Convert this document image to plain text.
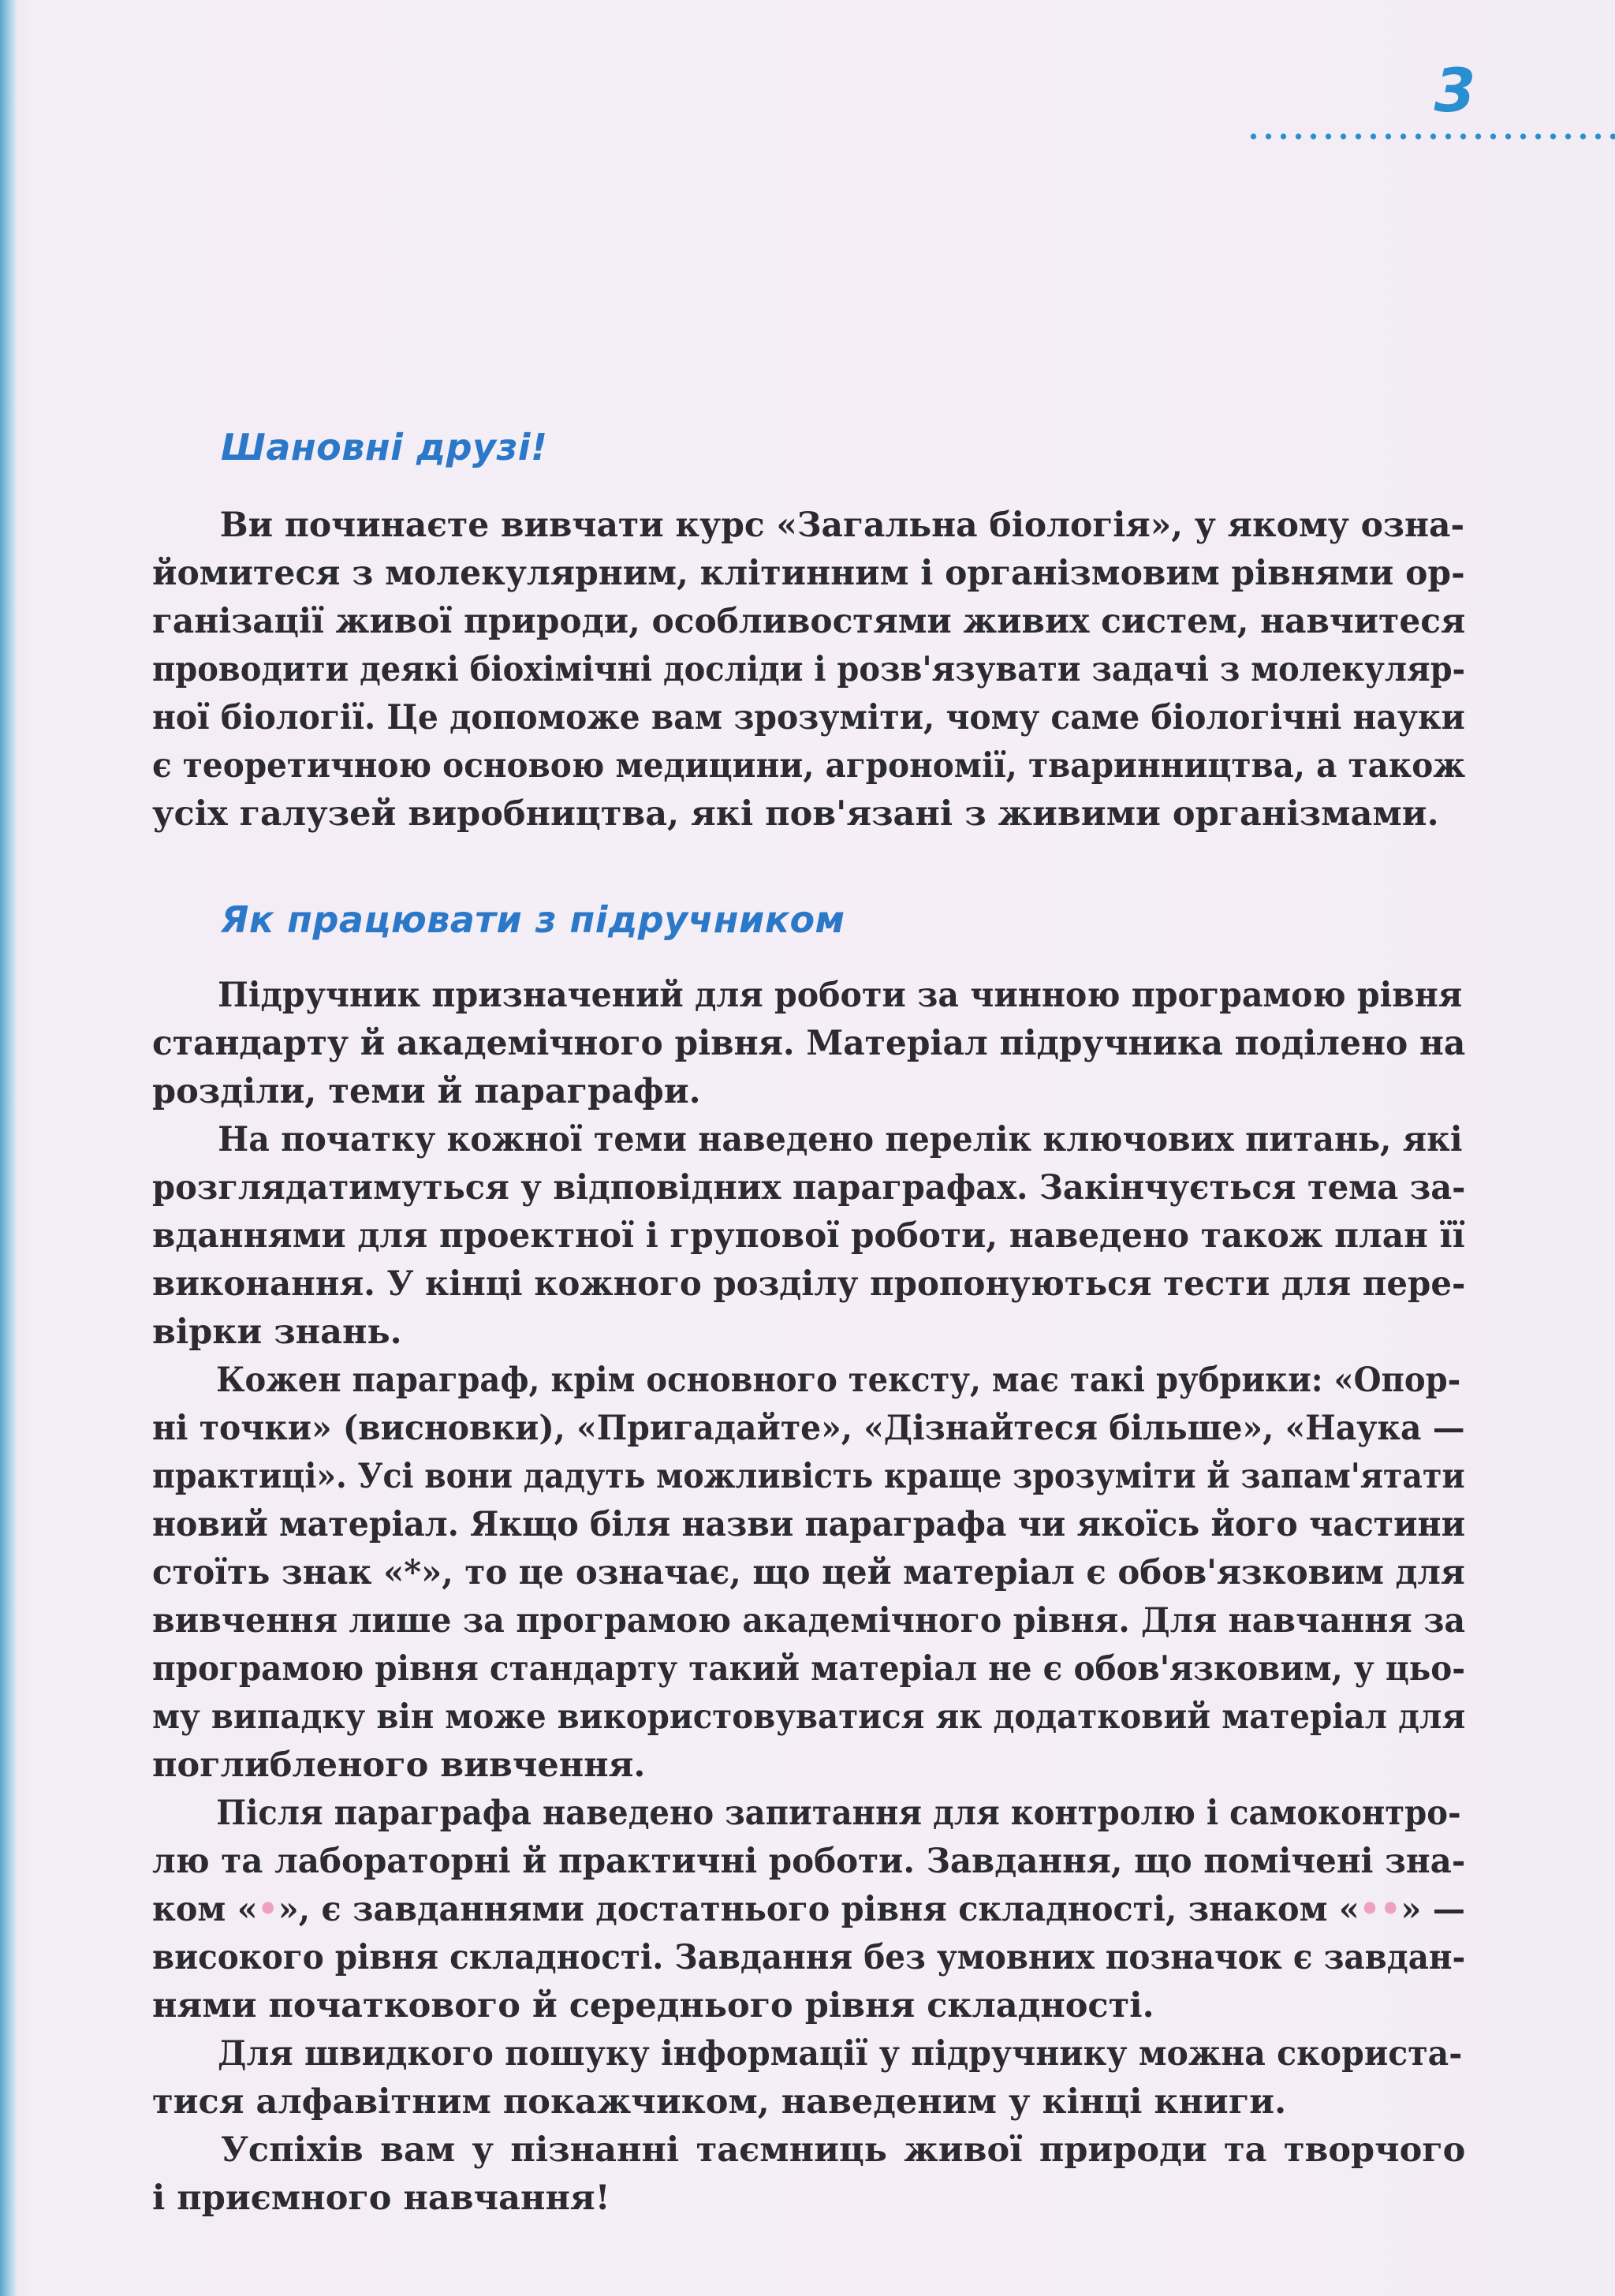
3
Шановні друзі!
Ви починаєте вивчати курс «Загальна біологія», у якому озна-
йомитеся з молекулярним, клітинним і організмовим рівнями ор-
ганізації живої природи, особливостями живих систем, навчитеся
проводити деякі біохімічні досліди і розв'язувати задачі з молекуляр-
ної біології. Це допоможе вам зрозуміти, чому саме біологічні науки
є теоретичною основою медицини, агрономії, тваринництва, а також
усіх галузей виробництва, які пов'язані з живими організмами.
Як працювати з підручником
Підручник призначений для роботи за чинною програмою рівня
стандарту й академічного рівня. Матеріал підручника поділено на
розділи, теми й параграфи.
На початку кожної теми наведено перелік ключових питань, які
розглядатимуться у відповідних параграфах. Закінчується тема за-
вданнями для проектної і групової роботи, наведено також план її
виконання. У кінці кожного розділу пропонуються тести для пере-
вірки знань.
Кожен параграф, крім основного тексту, має такі рубрики: «Опор-
ні точки» (висновки), «Пригадайте», «Дізнайтеся більше», «Наука —
практиці». Усі вони дадуть можливість краще зрозуміти й запам'ятати
новий матеріал. Якщо біля назви параграфа чи якоїсь його частини
стоїть знак «*», то це означає, що цей матеріал є обов'язковим для
вивчення лише за програмою академічного рівня. Для навчання за
програмою рівня стандарту такий матеріал не є обов'язковим, у цьо-
му випадку він може використовуватися як додатковий матеріал для
поглибленого вивчення.
Після параграфа наведено запитання для контролю і самоконтро-
лю та лабораторні й практичні роботи. Завдання, що помічені зна-
ком «•», є завданнями достатнього рівня складності, знаком «••» —
високого рівня складності. Завдання без умовних позначок є завдан-
нями початкового й середнього рівня складності.
Для швидкого пошуку інформації у підручнику можна скориста-
тися алфавітним покажчиком, наведеним у кінці книги.
Успіхів вам у пізнанні таємниць живої природи та творчого
і приємного навчання!
